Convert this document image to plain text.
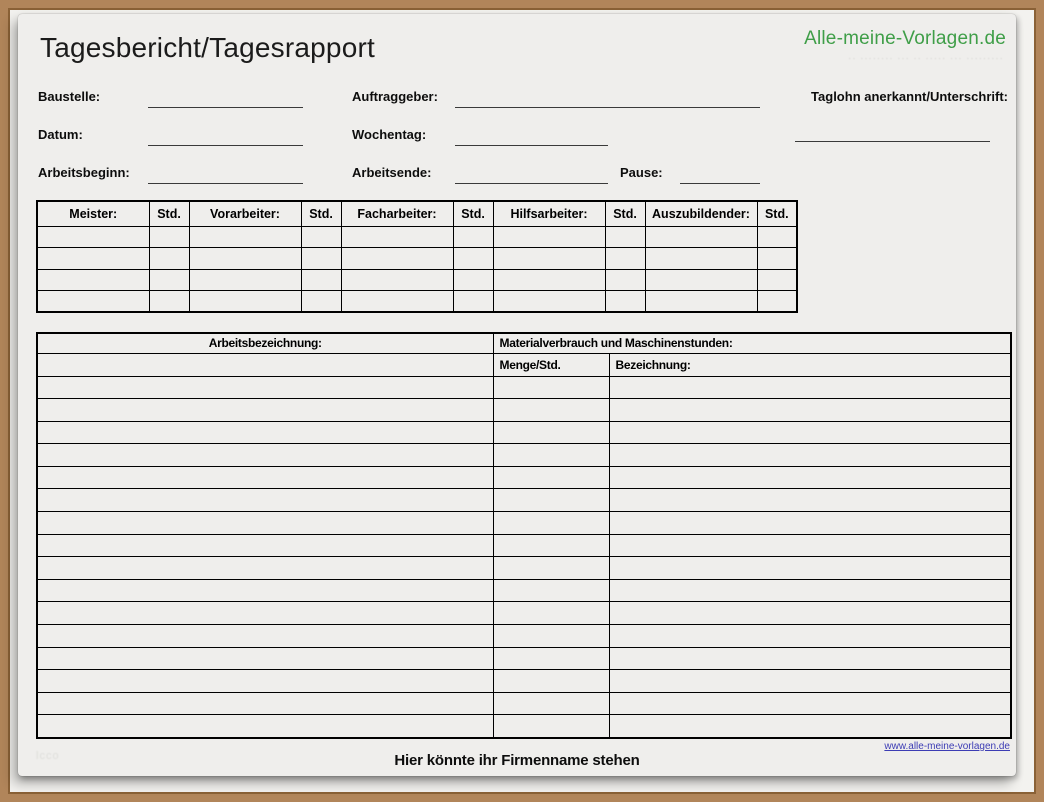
Tagesbericht/Tagesrapport	Alle-meine-Vorlagen.de
·· ········ ··· ·· ····· ··· ·········
Baustelle:	Auftraggeber:	Taglohn anerkannt/Unterschrift:
Datum:	Wochentag:
Arbeitsbeginn:	Arbeitsende:	Pause:
Meister:	Std.	Vorarbeiter:	Std.	Facharbeiter:	Std.	Hilfsarbeiter:	Std.	Auszubildender:	Std.

Arbeitsbezeichnung:	Materialverbrauch und Maschinenstunden:	
	Menge/Std.	Bezeichnung:

lcco	Hier könnte ihr Firmenname stehen
www.alle-meine-vorlagen.de
